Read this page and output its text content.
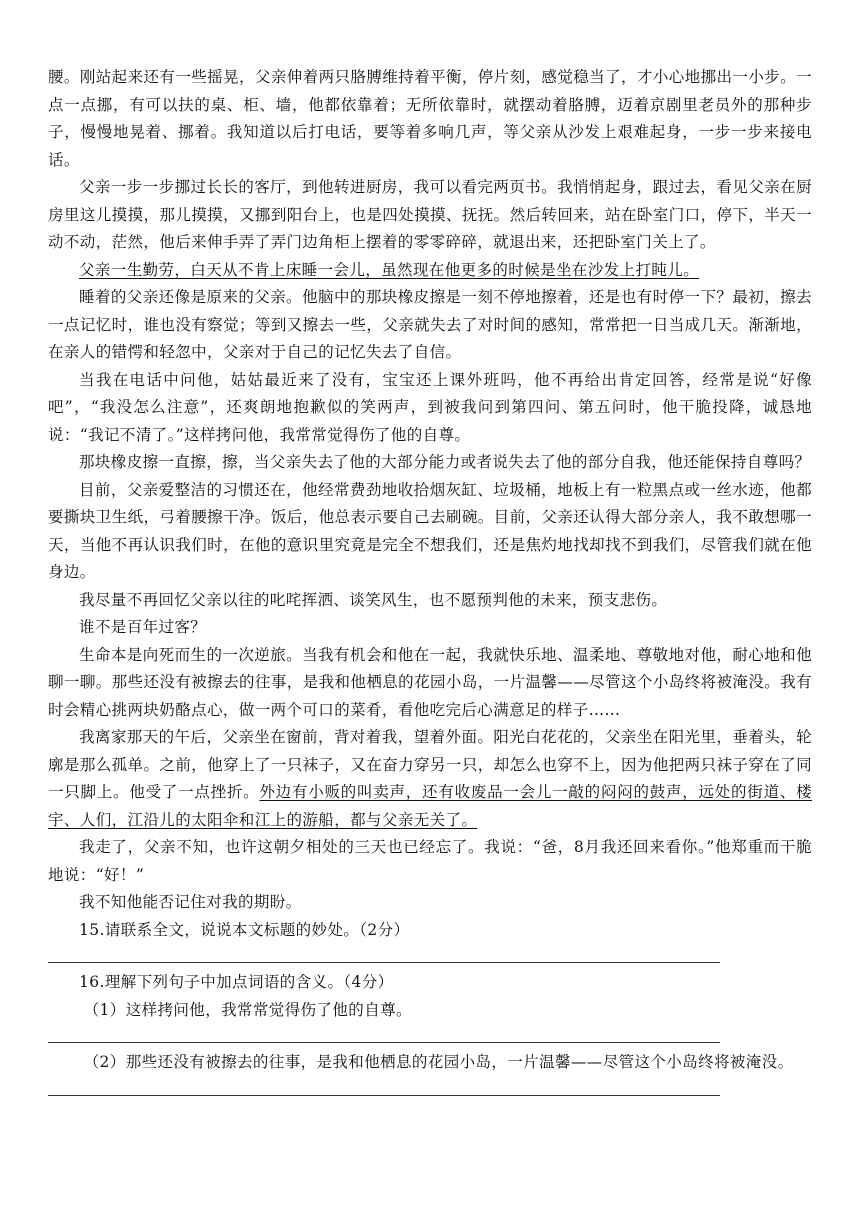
腰。刚站起来还有一些摇晃，父亲伸着两只胳膊维持着平衡，停片刻，感觉稳当了，才小心地挪出一小步。一点一点挪，有可以扶的桌、柜、墙，他都依靠着；无所依靠时，就摆动着胳膊，迈着京剧里老员外的那种步子，慢慢地晃着、挪着。我知道以后打电话，要等着多响几声，等父亲从沙发上艰难起身，一步一步来接电话。

父亲一步一步挪过长长的客厅，到他转进厨房，我可以看完两页书。我悄悄起身，跟过去，看见父亲在厨房里这儿摸摸，那儿摸摸，又挪到阳台上，也是四处摸摸、抚抚。然后转回来，站在卧室门口，停下，半天一动不动，茫然，他后来伸手弄了弄门边角柜上摆着的零零碎碎，就退出来，还把卧室门关上了。

父亲一生勤劳，白天从不肯上床睡一会儿，虽然现在他更多的时候是坐在沙发上打盹儿。

睡着的父亲还像是原来的父亲。他脑中的那块橡皮擦是一刻不停地擦着，还是也有时停一下？最初，擦去一点记忆时，谁也没有察觉；等到又擦去一些，父亲就失去了对时间的感知，常常把一日当成几天。渐渐地，在亲人的错愕和轻忽中，父亲对于自己的记忆失去了自信。

当我在电话中问他，姑姑最近来了没有，宝宝还上课外班吗，他不再给出肯定回答，经常是说“好像吧”，“我没怎么注意”，还爽朗地抱歉似的笑两声，到被我问到第四问、第五问时，他干脆投降，诚恳地说：“我记不清了。”这样拷问他，我常常觉得伤了他的自尊。

那块橡皮擦一直擦，擦，当父亲失去了他的大部分能力或者说失去了他的部分自我，他还能保持自尊吗？

目前，父亲爱整洁的习惯还在，他经常费劲地收拾烟灰缸、垃圾桶，地板上有一粒黑点或一丝水迹，他都要撕块卫生纸，弓着腰擦干净。饭后，他总表示要自己去刷碗。目前，父亲还认得大部分亲人，我不敢想哪一天，当他不再认识我们时，在他的意识里究竟是完全不想我们，还是焦灼地找却找不到我们，尽管我们就在他身边。

我尽量不再回忆父亲以往的叱咤挥洒、谈笑风生，也不愿预判他的未来，预支悲伤。

谁不是百年过客？

生命本是向死而生的一次逆旅。当我有机会和他在一起，我就快乐地、温柔地、尊敬地对他，耐心地和他聊一聊。那些还没有被擦去的往事，是我和他栖息的花园小岛，一片温馨——尽管这个小岛终将被淹没。我有时会精心挑两块奶酪点心，做一两个可口的菜肴，看他吃完后心满意足的样子……

我离家那天的午后，父亲坐在窗前，背对着我，望着外面。阳光白花花的，父亲坐在阳光里，垂着头，轮廓是那么孤单。之前，他穿上了一只袜子，又在奋力穿另一只，却怎么也穿不上，因为他把两只袜子穿在了同一只脚上。他受了一点挫折。外边有小贩的叫卖声，还有收废品一会儿一敲的闷闷的鼓声，远处的街道、楼宇、人们，江沿儿的太阳伞和江上的游船，都与父亲无关了。

我走了，父亲不知，也许这朝夕相处的三天也已经忘了。我说：“爸，8月我还回来看你。”他郑重而干脆地说：“好！”

我不知他能否记住对我的期盼。

15.请联系全文，说说本文标题的妙处。（2分）

16.理解下列句子中加点词语的含义。（4分）

（1）这样拷问他，我常常觉得伤了他的自尊。

（2）那些还没有被擦去的往事，是我和他栖息的花园小岛，一片温馨——尽管这个小岛终将被淹没。
